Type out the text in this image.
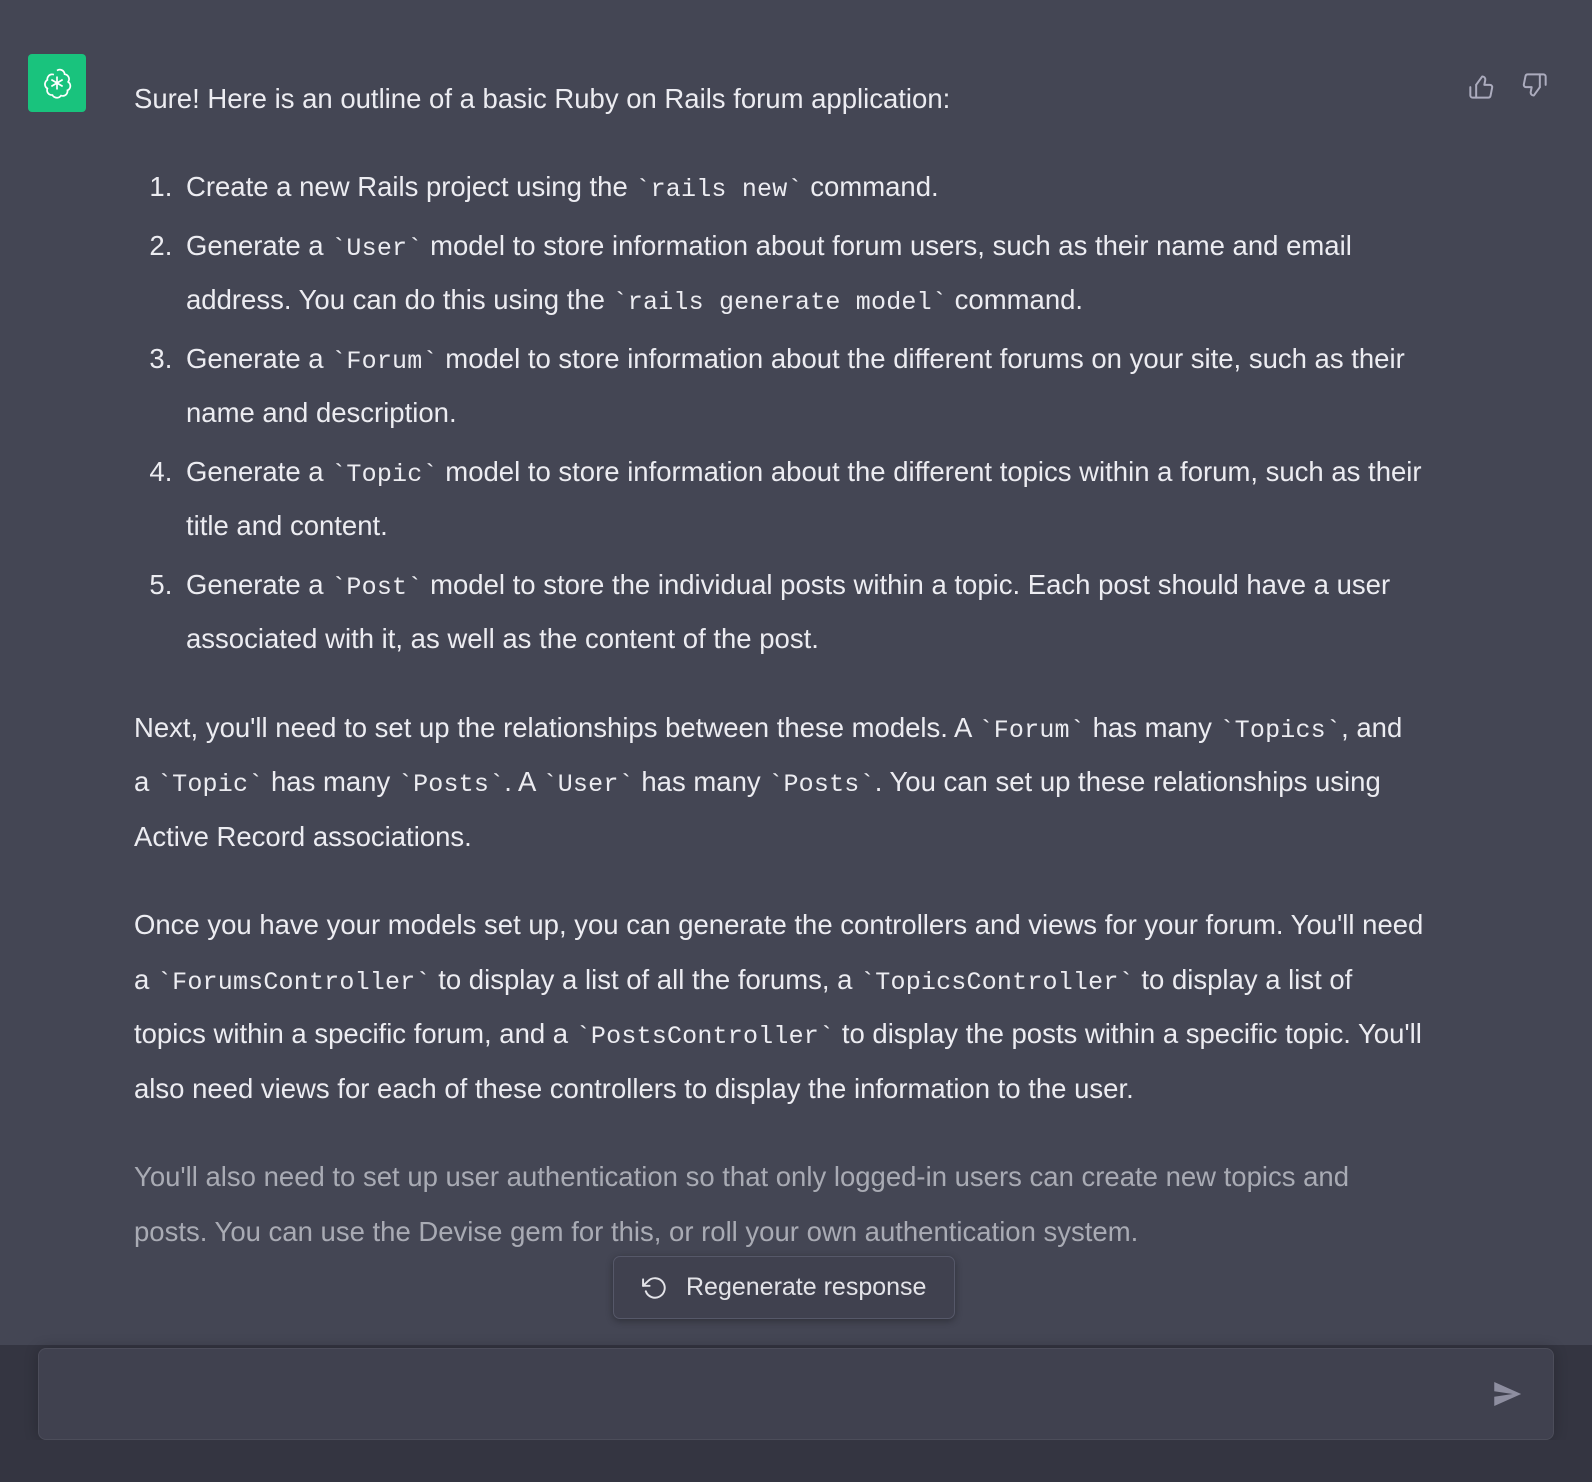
Sure! Here is an outline of a basic Ruby on Rails forum application:

1. Create a new Rails project using the `rails new` command.
2. Generate a `User` model to store information about forum users, such as their name and email address. You can do this using the `rails generate model` command.
3. Generate a `Forum` model to store information about the different forums on your site, such as their name and description.
4. Generate a `Topic` model to store information about the different topics within a forum, such as their title and content.
5. Generate a `Post` model to store the individual posts within a topic. Each post should have a user associated with it, as well as the content of the post.

Next, you'll need to set up the relationships between these models. A `Forum` has many `Topics`, and a `Topic` has many `Posts`. A `User` has many `Posts`. You can set up these relationships using Active Record associations.

Once you have your models set up, you can generate the controllers and views for your forum. You'll need a `ForumsController` to display a list of all the forums, a `TopicsController` to display a list of topics within a specific forum, and a `PostsController` to display the posts within a specific topic. You'll also need views for each of these controllers to display the information to the user.

You'll also need to set up user authentication so that only logged-in users can create new topics and posts. You can use the Devise gem for this, or roll your own authentication system.

Regenerate response
